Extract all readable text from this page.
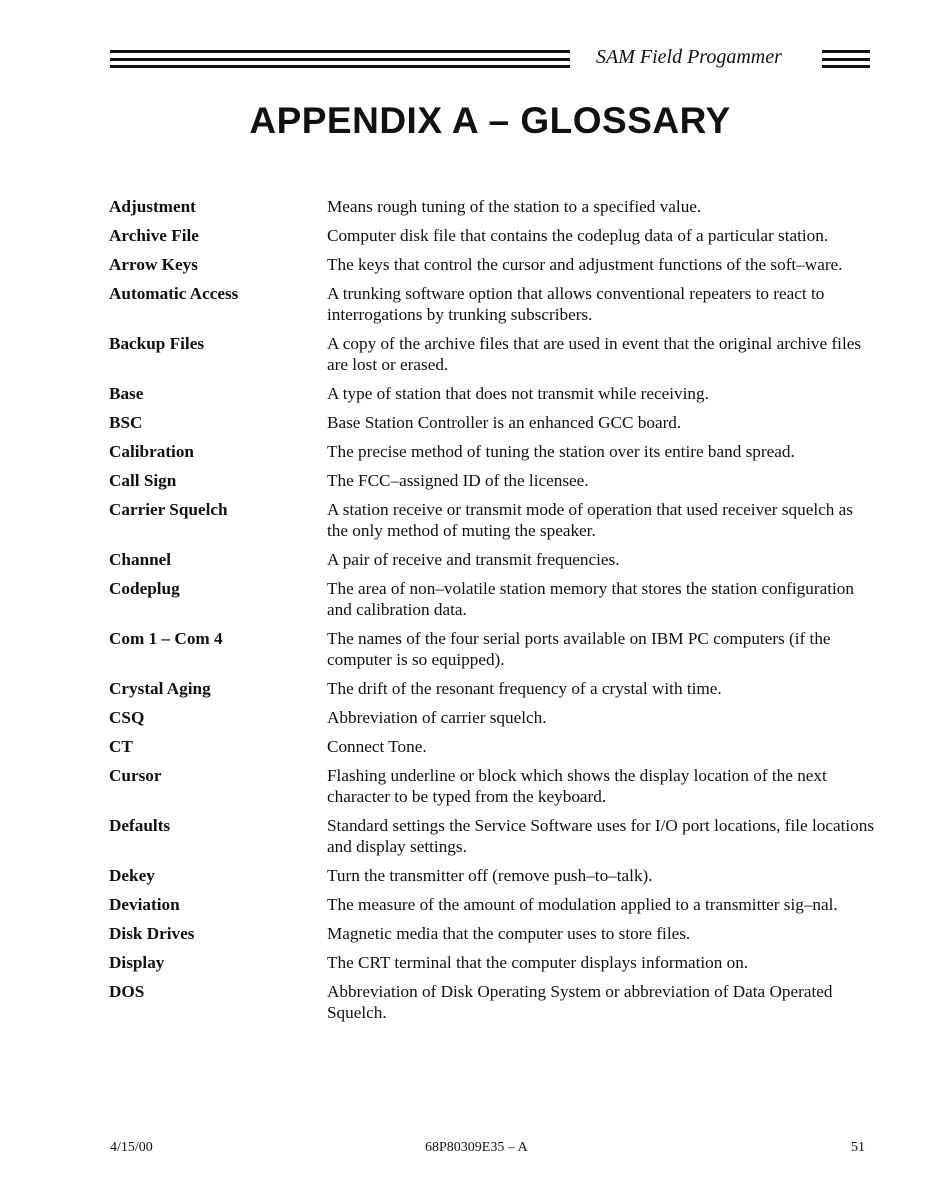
SAM Field Progammer
APPENDIX A – GLOSSARY
Adjustment	Means rough tuning of the station to a specified value.
Archive File	Computer disk file that contains the codeplug data of a particular station.
Arrow Keys	The keys that control the cursor and adjustment functions of the soft–ware.
Automatic Access	A trunking software option that allows conventional repeaters to react to interrogations by trunking subscribers.
Backup Files	A copy of the archive files that are used in event that the original archive files are lost or erased.
Base	A type of station that does not transmit while receiving.
BSC	Base Station Controller is an enhanced GCC board.
Calibration	The precise method of tuning the station over its entire band spread.
Call Sign	The FCC–assigned ID of the licensee.
Carrier Squelch	A station receive or transmit mode of operation that used receiver squelch as the only method of muting the speaker.
Channel	A pair of receive and transmit frequencies.
Codeplug	The area of non–volatile station memory that stores the station configuration and calibration data.
Com 1 – Com 4	The names of the four serial ports available on IBM PC computers (if the computer is so equipped).
Crystal Aging	The drift of the resonant frequency of a crystal with time.
CSQ	Abbreviation of carrier squelch.
CT	Connect Tone.
Cursor	Flashing underline or block which shows the display location of the next character to be typed from the keyboard.
Defaults	Standard settings the Service Software uses for I/O port locations, file locations and display settings.
Dekey	Turn the transmitter off (remove push–to–talk).
Deviation	The measure of the amount of modulation applied to a transmitter sig–nal.
Disk Drives	Magnetic media that the computer uses to store files.
Display	The CRT terminal that the computer displays information on.
DOS	Abbreviation of Disk Operating System or abbreviation of Data Operated Squelch.
4/15/00	68P80309E35 – A	51
